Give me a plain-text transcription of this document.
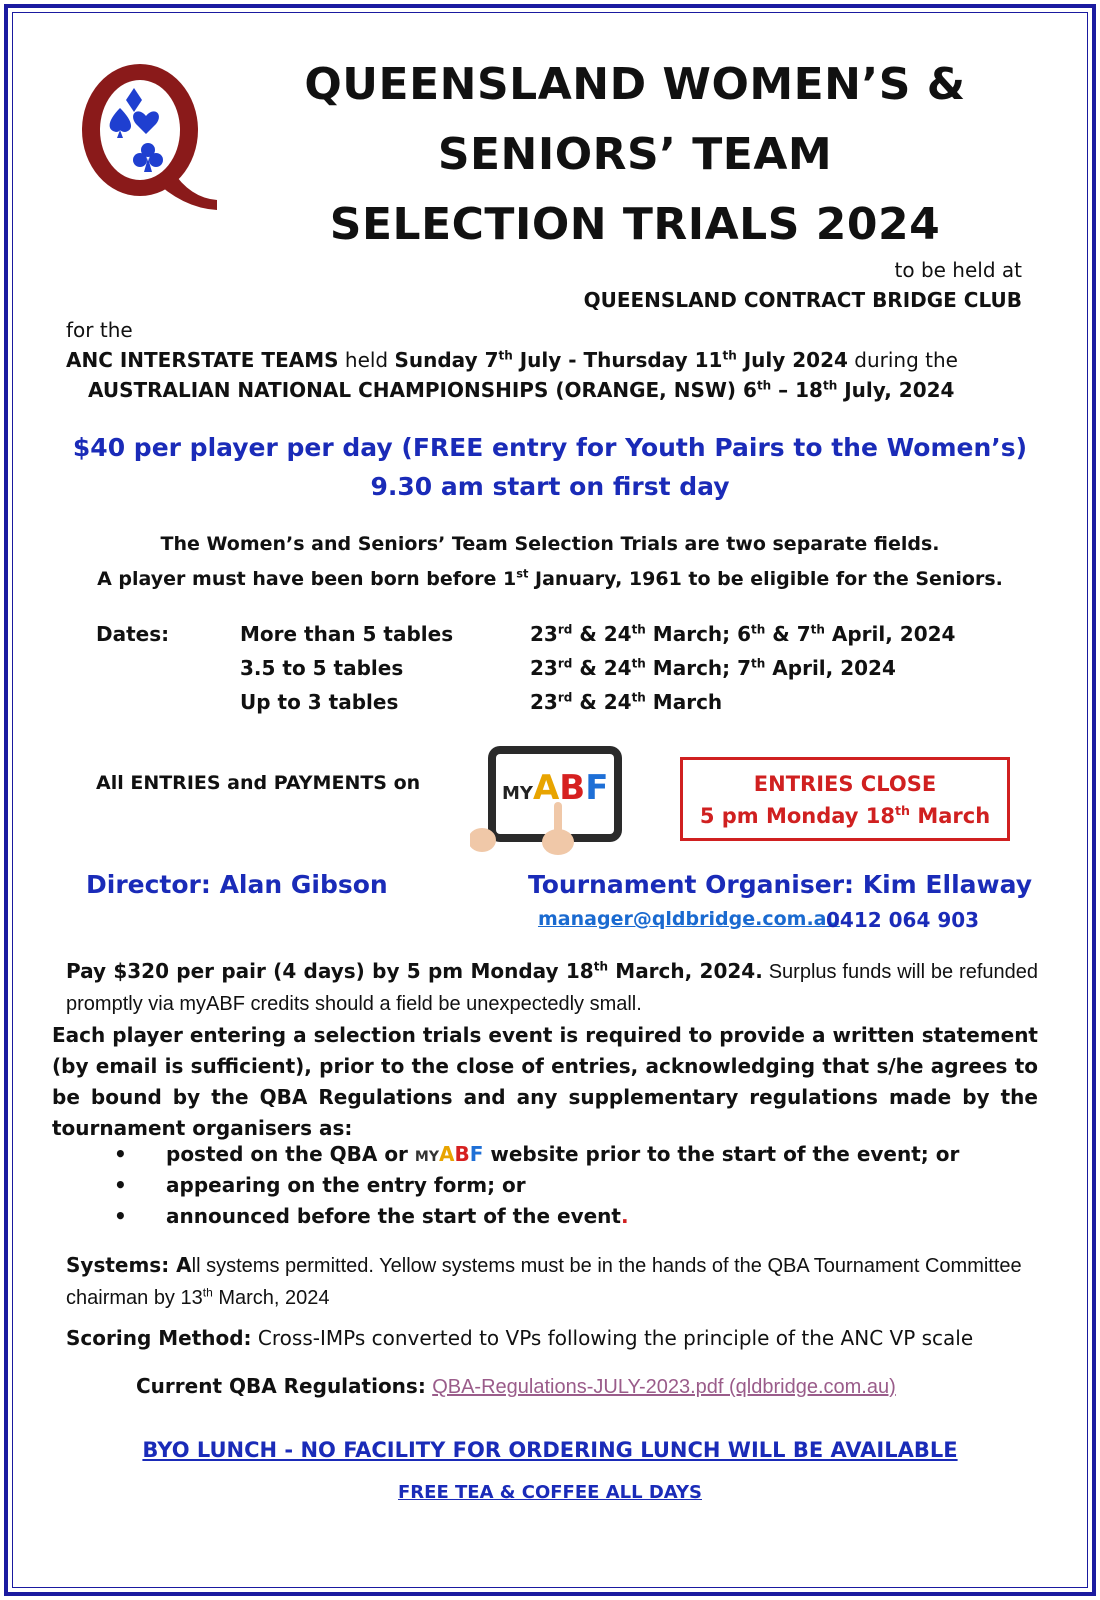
QUEENSLAND WOMEN’S &
SENIORS’ TEAM
SELECTION TRIALS 2024
to be held at
QUEENSLAND CONTRACT BRIDGE CLUB
for the
ANC INTERSTATE TEAMS held Sunday 7th July - Thursday 11th July 2024 during the
AUSTRALIAN NATIONAL CHAMPIONSHIPS (ORANGE, NSW) 6th – 18th July, 2024
$40 per player per day (FREE entry for Youth Pairs to the Women’s)
9.30 am start on first day
The Women’s and Seniors’ Team Selection Trials are two separate fields.
A player must have been born before 1st January, 1961 to be eligible for the Seniors.
Dates:	More than 5 tables	23rd & 24th March; 6th & 7th April, 2024
3.5 to 5 tables	23rd & 24th March; 7th April, 2024
Up to 3 tables	23rd & 24th March
All ENTRIES and PAYMENTS on	MYABF	ENTRIES CLOSE
5 pm Monday 18th March
Director: Alan Gibson	Tournament Organiser: Kim Ellaway
manager@qldbridge.com.au
0412 064 903
Pay $320 per pair (4 days) by 5 pm Monday 18th March, 2024. Surplus funds will be refunded promptly via myABF credits should a field be unexpectedly small.
Each player entering a selection trials event is required to provide a written statement (by email is sufficient), prior to the close of entries, acknowledging that s/he agrees to be bound by the QBA Regulations and any supplementary regulations made by the tournament organisers as:
• posted on the QBA or MYABF website prior to the start of the event; or
• appearing on the entry form; or
• announced before the start of the event.
Systems: All systems permitted. Yellow systems must be in the hands of the QBA Tournament Committee chairman by 13th March, 2024
Scoring Method: Cross-IMPs converted to VPs following the principle of the ANC VP scale
Current QBA Regulations: QBA-Regulations-JULY-2023.pdf (qldbridge.com.au)
BYO LUNCH - NO FACILITY FOR ORDERING LUNCH WILL BE AVAILABLE
FREE TEA & COFFEE ALL DAYS
